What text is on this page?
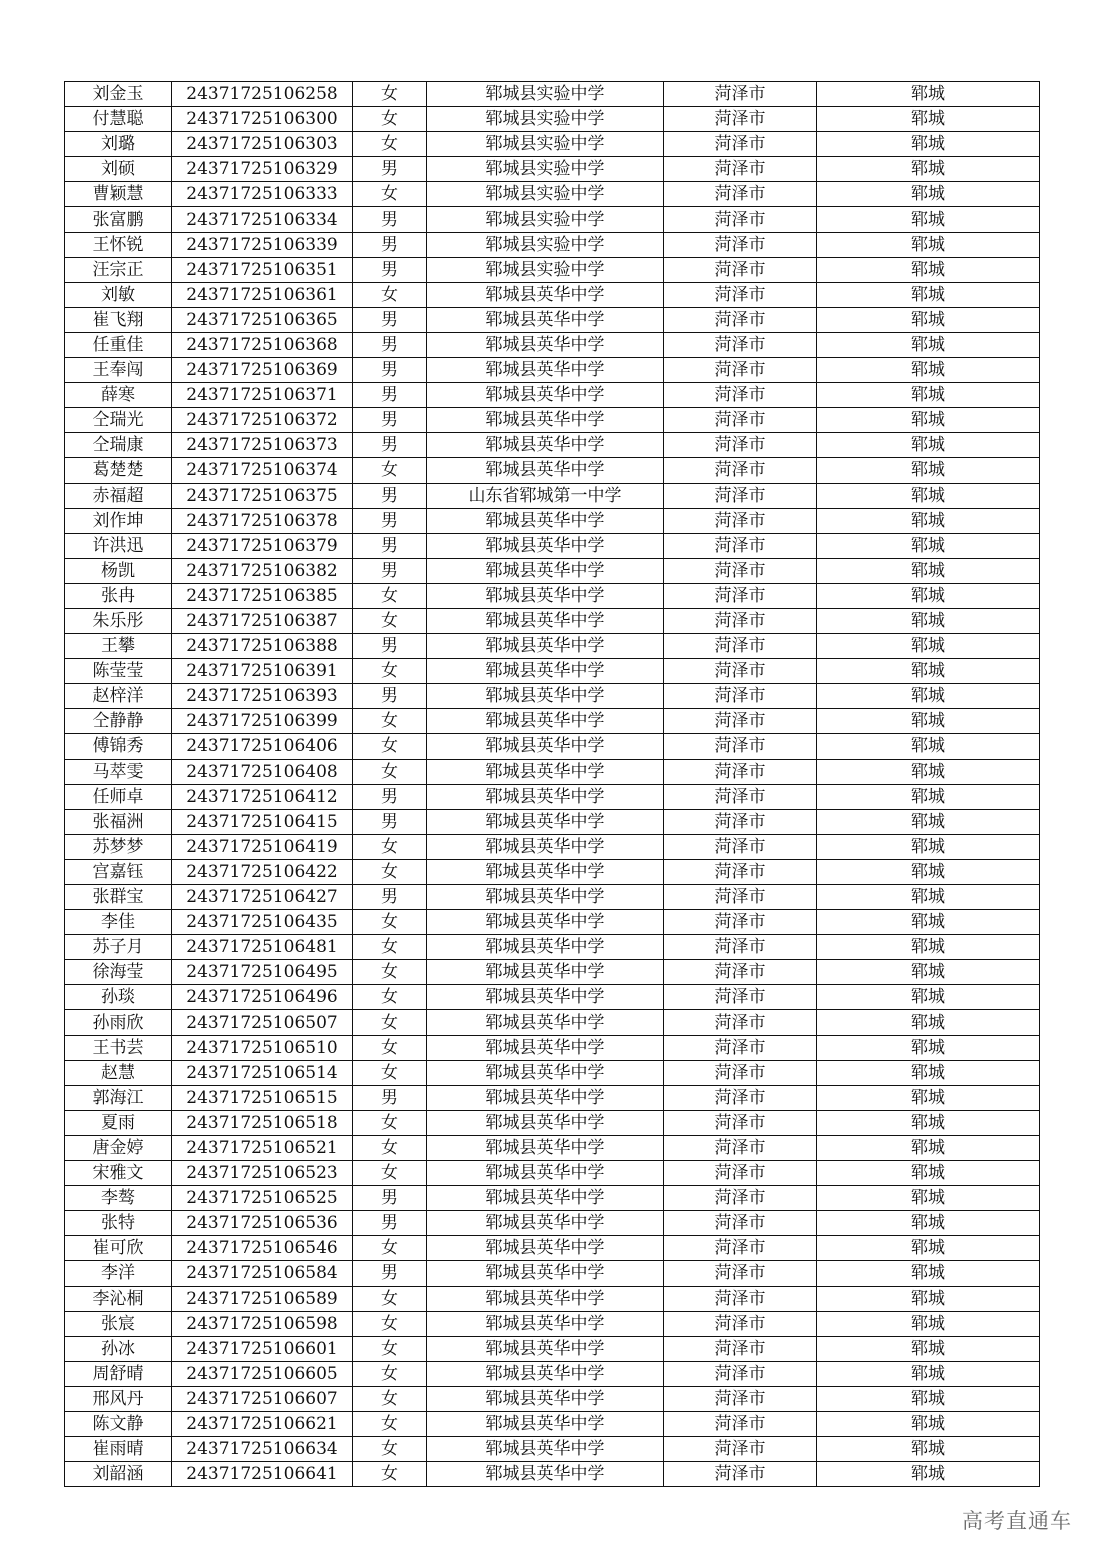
刘金玉	24371725106258	女	郓城县实验中学	菏泽市	郓城
付慧聪	24371725106300	女	郓城县实验中学	菏泽市	郓城
刘璐	24371725106303	女	郓城县实验中学	菏泽市	郓城
刘硕	24371725106329	男	郓城县实验中学	菏泽市	郓城
曹颖慧	24371725106333	女	郓城县实验中学	菏泽市	郓城
张富鹏	24371725106334	男	郓城县实验中学	菏泽市	郓城
王怀锐	24371725106339	男	郓城县实验中学	菏泽市	郓城
汪宗正	24371725106351	男	郓城县实验中学	菏泽市	郓城
刘敏	24371725106361	女	郓城县英华中学	菏泽市	郓城
崔飞翔	24371725106365	男	郓城县英华中学	菏泽市	郓城
任重佳	24371725106368	男	郓城县英华中学	菏泽市	郓城
王奉闯	24371725106369	男	郓城县英华中学	菏泽市	郓城
薛寒	24371725106371	男	郓城县英华中学	菏泽市	郓城
仝瑞光	24371725106372	男	郓城县英华中学	菏泽市	郓城
仝瑞康	24371725106373	男	郓城县英华中学	菏泽市	郓城
葛楚楚	24371725106374	女	郓城县英华中学	菏泽市	郓城
赤福超	24371725106375	男	山东省郓城第一中学	菏泽市	郓城
刘作坤	24371725106378	男	郓城县英华中学	菏泽市	郓城
许洪迅	24371725106379	男	郓城县英华中学	菏泽市	郓城
杨凯	24371725106382	男	郓城县英华中学	菏泽市	郓城
张冉	24371725106385	女	郓城县英华中学	菏泽市	郓城
朱乐彤	24371725106387	女	郓城县英华中学	菏泽市	郓城
王攀	24371725106388	男	郓城县英华中学	菏泽市	郓城
陈莹莹	24371725106391	女	郓城县英华中学	菏泽市	郓城
赵梓洋	24371725106393	男	郓城县英华中学	菏泽市	郓城
仝静静	24371725106399	女	郓城县英华中学	菏泽市	郓城
傅锦秀	24371725106406	女	郓城县英华中学	菏泽市	郓城
马萃雯	24371725106408	女	郓城县英华中学	菏泽市	郓城
任师卓	24371725106412	男	郓城县英华中学	菏泽市	郓城
张福洲	24371725106415	男	郓城县英华中学	菏泽市	郓城
苏梦梦	24371725106419	女	郓城县英华中学	菏泽市	郓城
宫嘉钰	24371725106422	女	郓城县英华中学	菏泽市	郓城
张群宝	24371725106427	男	郓城县英华中学	菏泽市	郓城
李佳	24371725106435	女	郓城县英华中学	菏泽市	郓城
苏子月	24371725106481	女	郓城县英华中学	菏泽市	郓城
徐海莹	24371725106495	女	郓城县英华中学	菏泽市	郓城
孙琰	24371725106496	女	郓城县英华中学	菏泽市	郓城
孙雨欣	24371725106507	女	郓城县英华中学	菏泽市	郓城
王书芸	24371725106510	女	郓城县英华中学	菏泽市	郓城
赵慧	24371725106514	女	郓城县英华中学	菏泽市	郓城
郭海江	24371725106515	男	郓城县英华中学	菏泽市	郓城
夏雨	24371725106518	女	郓城县英华中学	菏泽市	郓城
唐金婷	24371725106521	女	郓城县英华中学	菏泽市	郓城
宋雅文	24371725106523	女	郓城县英华中学	菏泽市	郓城
李骜	24371725106525	男	郓城县英华中学	菏泽市	郓城
张特	24371725106536	男	郓城县英华中学	菏泽市	郓城
崔可欣	24371725106546	女	郓城县英华中学	菏泽市	郓城
李洋	24371725106584	男	郓城县英华中学	菏泽市	郓城
李沁桐	24371725106589	女	郓城县英华中学	菏泽市	郓城
张宸	24371725106598	女	郓城县英华中学	菏泽市	郓城
孙冰	24371725106601	女	郓城县英华中学	菏泽市	郓城
周舒晴	24371725106605	女	郓城县英华中学	菏泽市	郓城
邢风丹	24371725106607	女	郓城县英华中学	菏泽市	郓城
陈文静	24371725106621	女	郓城县英华中学	菏泽市	郓城
崔雨晴	24371725106634	女	郓城县英华中学	菏泽市	郓城
刘韶涵	24371725106641	女	郓城县英华中学	菏泽市	郓城
高考直通车
